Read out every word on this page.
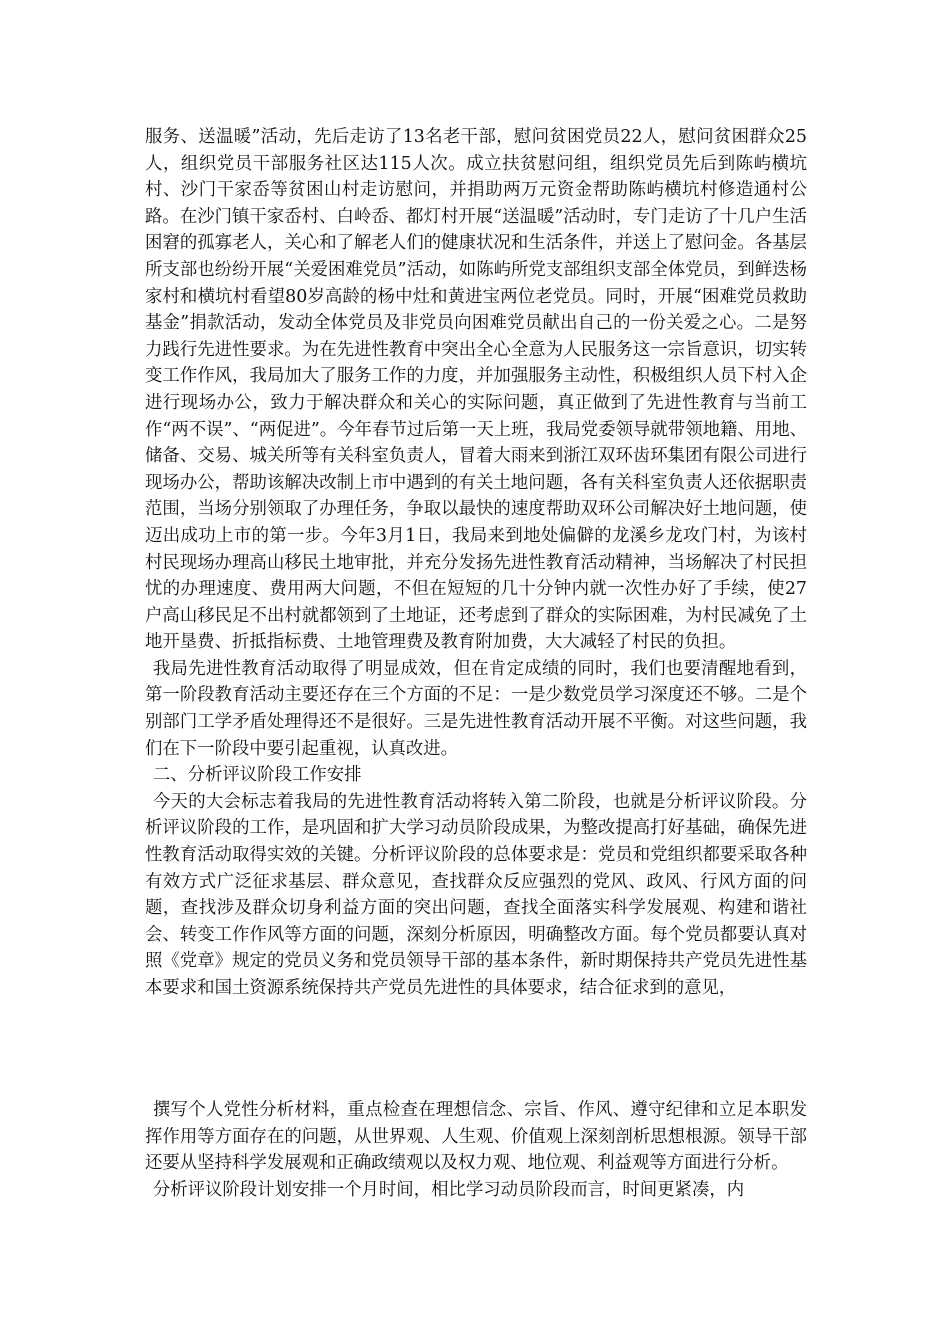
服务、送温暖”活动，先后走访了13名老干部，慰问贫困党员22人，慰问贫困群众25人，组织党员干部服务社区达115人次。成立扶贫慰问组，组织党员先后到陈屿横坑村、沙门干家岙等贫困山村走访慰问，并捐助两万元资金帮助陈屿横坑村修造通村公路。在沙门镇干家岙村、白岭岙、都灯村开展“送温暖”活动时，专门走访了十几户生活困窘的孤寡老人，关心和了解老人们的健康状况和生活条件，并送上了慰问金。各基层所支部也纷纷开展“关爱困难党员”活动，如陈屿所党支部组织支部全体党员，到鲜迭杨家村和横坑村看望80岁高龄的杨中灶和黄进宝两位老党员。同时，开展“困难党员救助基金”捐款活动，发动全体党员及非党员向困难党员献出自己的一份关爱之心。二是努力践行先进性要求。为在先进性教育中突出全心全意为人民服务这一宗旨意识，切实转变工作作风，我局加大了服务工作的力度，并加强服务主动性，积极组织人员下村入企进行现场办公，致力于解决群众和关心的实际问题，真正做到了先进性教育与当前工作“两不误”、“两促进”。今年春节过后第一天上班，我局党委领导就带领地籍、用地、储备、交易、城关所等有关科室负责人，冒着大雨来到浙江双环齿环集团有限公司进行现场办公，帮助该解决改制上市中遇到的有关土地问题，各有关科室负责人还依据职责范围，当场分别领取了办理任务，争取以最快的速度帮助双环公司解决好土地问题，使迈出成功上市的第一步。今年3月1日，我局来到地处偏僻的龙溪乡龙攻门村，为该村村民现场办理高山移民土地审批，并充分发扬先进性教育活动精神，当场解决了村民担忧的办理速度、费用两大问题，不但在短短的几十分钟内就一次性办好了手续，使27户高山移民足不出村就都领到了土地证，还考虑到了群众的实际困难，为村民减免了土地开垦费、折抵指标费、土地管理费及教育附加费，大大减轻了村民的负担。

我局先进性教育活动取得了明显成效，但在肯定成绩的同时，我们也要清醒地看到，第一阶段教育活动主要还存在三个方面的不足：一是少数党员学习深度还不够。二是个别部门工学矛盾处理得还不是很好。三是先进性教育活动开展不平衡。对这些问题，我们在下一阶段中要引起重视，认真改进。

二、分析评议阶段工作安排

今天的大会标志着我局的先进性教育活动将转入第二阶段，也就是分析评议阶段。分析评议阶段的工作，是巩固和扩大学习动员阶段成果，为整改提高打好基础，确保先进性教育活动取得实效的关键。分析评议阶段的总体要求是：党员和党组织都要采取各种有效方式广泛征求基层、群众意见，查找群众反应强烈的党风、政风、行风方面的问题，查找涉及群众切身利益方面的突出问题，查找全面落实科学发展观、构建和谐社会、转变工作作风等方面的问题，深刻分析原因，明确整改方面。每个党员都要认真对照《党章》规定的党员义务和党员领导干部的基本条件，新时期保持共产党员先进性基本要求和国土资源系统保持共产党员先进性的具体要求，结合征求到的意见，

撰写个人党性分析材料，重点检查在理想信念、宗旨、作风、遵守纪律和立足本职发挥作用等方面存在的问题，从世界观、人生观、价值观上深刻剖析思想根源。领导干部还要从坚持科学发展观和正确政绩观以及权力观、地位观、利益观等方面进行分析。

分析评议阶段计划安排一个月时间，相比学习动员阶段而言，时间更紧凑，内
